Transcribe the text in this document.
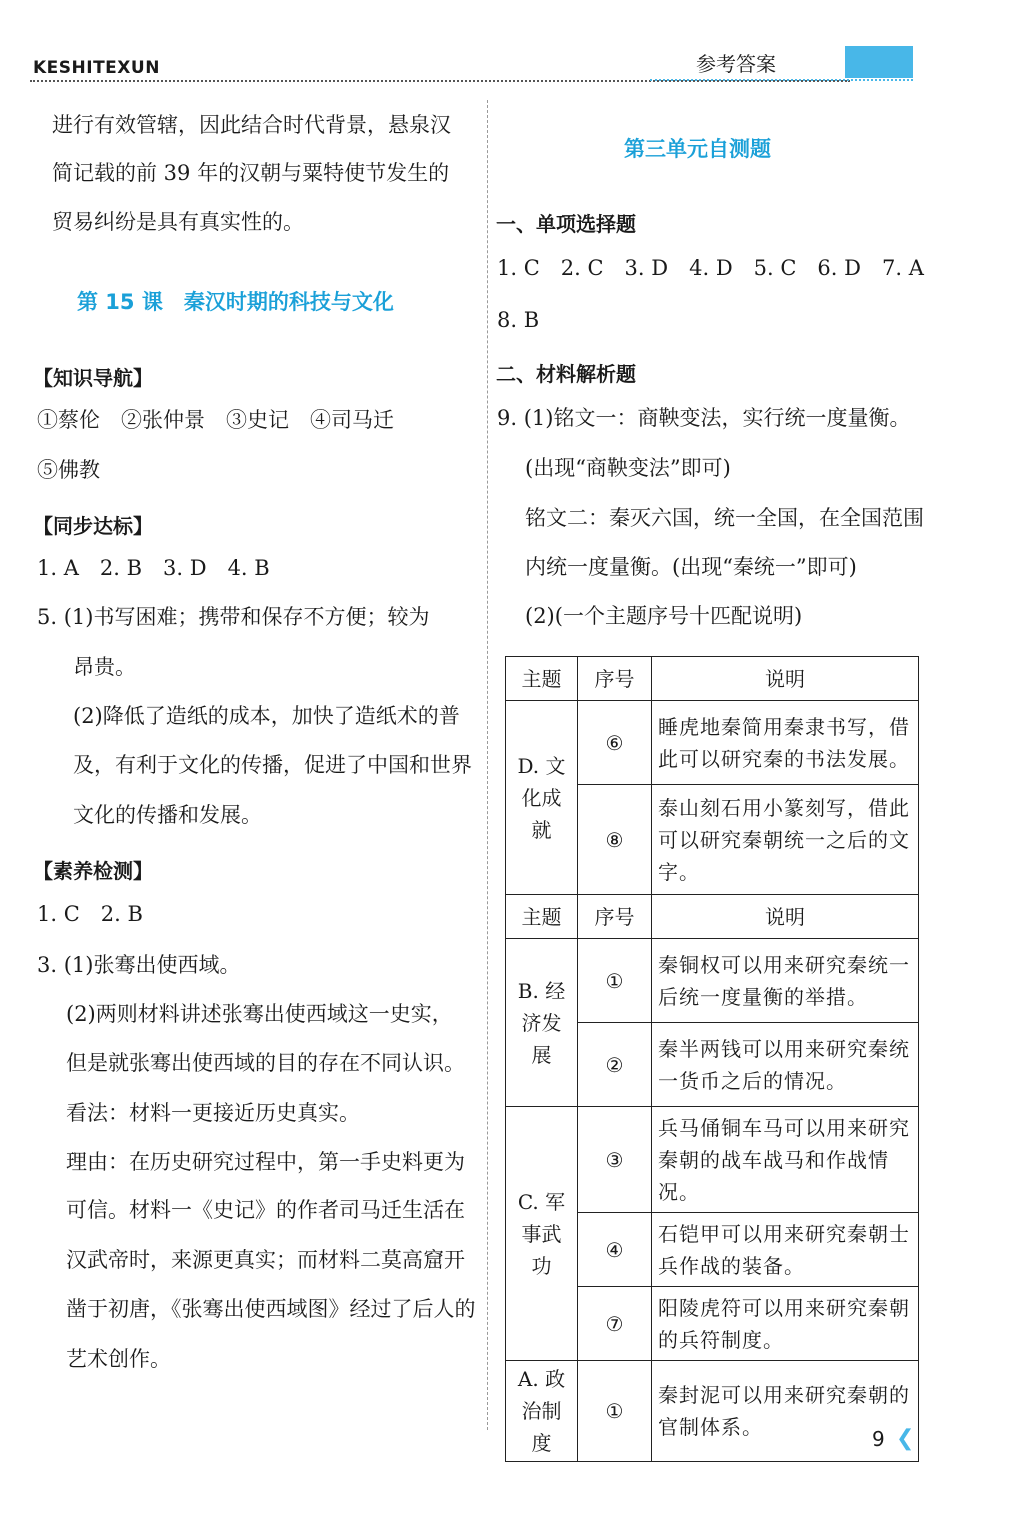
KESHITEXUN	参考答案
进行有效管辖，因此结合时代背景，悬泉汉
简记载的前 39 年的汉朝与粟特使节发生的
贸易纠纷是具有真实性的。
第 15 课　秦汉时期的科技与文化
【知识导航】
①蔡伦　②张仲景　③史记　④司马迁
⑤佛教
【同步达标】
1. A　2. B　3. D　4. B
5. (1)书写困难；携带和保存不方便；较为
昂贵。
(2)降低了造纸的成本，加快了造纸术的普
及，有利于文化的传播，促进了中国和世界
文化的传播和发展。
【素养检测】
1. C　2. B
3. (1)张骞出使西域。
(2)两则材料讲述张骞出使西域这一史实，
但是就张骞出使西域的目的存在不同认识。
看法：材料一更接近历史真实。
理由：在历史研究过程中，第一手史料更为
可信。材料一《史记》的作者司马迁生活在
汉武帝时，来源更真实；而材料二莫高窟开
凿于初唐，《张骞出使西域图》经过了后人的
艺术创作。
第三单元自测题
一、单项选择题
1. C　2. C　3. D　4. D　5. C　6. D　7. A
8. B
二、材料解析题
9. (1)铭文一：商鞅变法，实行统一度量衡。
(出现“商鞅变法”即可)
铭文二：秦灭六国，统一全国，在全国范围
内统一度量衡。(出现“秦统一”即可)
(2)(一个主题序号十匹配说明)
主题	序号	说明
D. 文化成就	⑥	睡虎地秦简用秦隶书写，借此可以研究秦的书法发展。
	⑧	泰山刻石用小篆刻写，借此可以研究秦朝统一之后的文字。
主题	序号	说明
B. 经济发展	①	秦铜权可以用来研究秦统一后统一度量衡的举措。
	②	秦半两钱可以用来研究秦统一货币之后的情况。
C. 军事武功	③	兵马俑铜车马可以用来研究秦朝的战车战马和作战情况。
	④	石铠甲可以用来研究秦朝士兵作战的装备。
	⑦	阳陵虎符可以用来研究秦朝的兵符制度。
A. 政治制度	①	秦封泥可以用来研究秦朝的官制体系。	9 ❮
